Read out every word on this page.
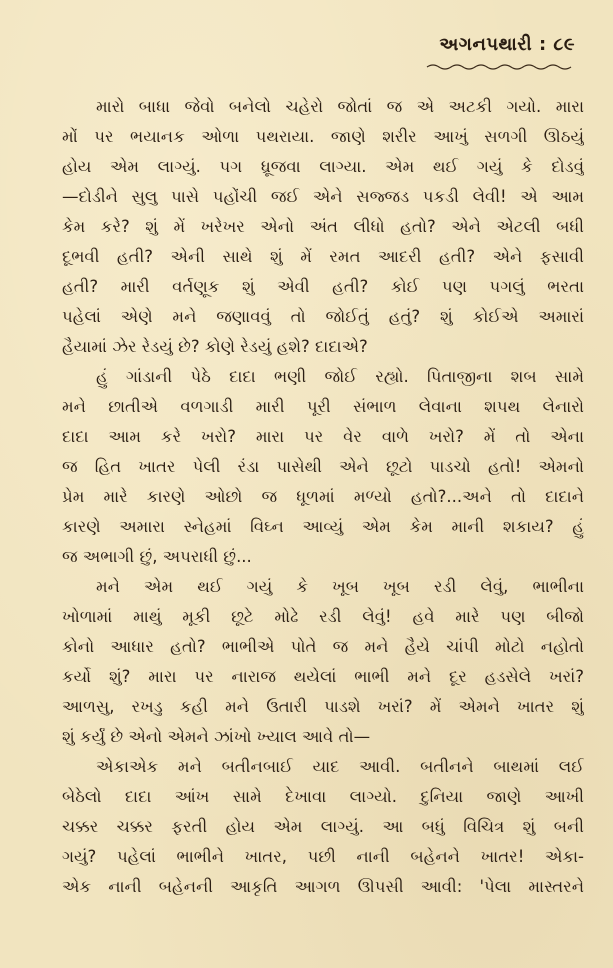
અગનપથારી : ૮૯
મારો બાધા જેવો બનેલો ચહેરો જોતાં જ એ અટકી ગયો. મારા
મોં પર ભયાનક ઓળા પથરાયા. જાણે શરીર આખું સળગી ઊઠયું
હોય એમ લાગ્યું. પગ ધ્રૂજવા લાગ્યા. એમ થઈ ગયું કે દોડવું
—દોડીને સુલુ પાસે પહોંચી જઈ એને સજ્જડ પકડી લેવી! એ આમ
કેમ કરે? શું મેં ખરેખર એનો અંત લીધો હતો? એને એટલી બધી
દૂભવી હતી? એની સાથે શું મેં રમત આદરી હતી? એને ફસાવી
હતી? મારી વર્તણૂક શું એવી હતી? કોઈ પણ પગલું ભરતા
પહેલાં એણે મને જણાવવું તો જોઈતું હતું? શું કોઈએ અમારાં
હૈયામાં ઝેર રેડયું છે? કોણે રેડયું હશે? દાદાએ?
હું ગાંડાની પેઠે દાદા ભણી જોઈ રહ્યો. પિતાજીના શબ સામે
મને છાતીએ વળગાડી મારી પૂરી સંભાળ લેવાના શપથ લેનારો
દાદા આમ કરે ખરો? મારા પર વેર વાળે ખરો? મેં તો એના
જ હિત ખાતર પેલી રંડા પાસેથી એને છૂટો પાડચો હતો! એમનો
પ્રેમ મારે કારણે ઓછો જ ધૂળમાં મળ્યો હતો?...અને તો દાદાને
કારણે અમારા સ્નેહમાં વિઘ્ન આવ્યું એમ કેમ માની શકાય? હું
જ અભાગી છું, અપરાધી છું...
મને એમ થઈ ગયું કે ખૂબ ખૂબ રડી લેવું, ભાભીના
ખોળામાં માથું મૂકી છૂટે મોઢે રડી લેવું! હવે મારે પણ બીજો
કોનો આધાર હતો? ભાભીએ પોતે જ મને હૈયે ચાંપી મોટો નહોતો
કર્યો શું? મારા પર નારાજ થયેલાં ભાભી મને દૂર હડસેલે ખરાં?
આળસુ, રખડુ કહી મને ઉતારી પાડશે ખરાં? મેં એમને ખાતર શું
શું કર્યું છે એનો એમને ઝાંખો ખ્યાલ આવે તો—
એકાએક મને બતીનબાઈ યાદ આવી. બતીનને બાથમાં લઈ
બેઠેલો દાદા આંખ સામે દેખાવા લાગ્યો. દુનિયા જાણે આખી
ચક્કર ચક્કર ફરતી હોય એમ લાગ્યું. આ બધું વિચિત્ર શું બની
ગયું? પહેલાં ભાભીને ખાતર, પછી નાની બહેનને ખાતર! એકા-
એક નાની બહેનની આકૃતિ આગળ ઊપસી આવી: 'પેલા માસ્તરને
